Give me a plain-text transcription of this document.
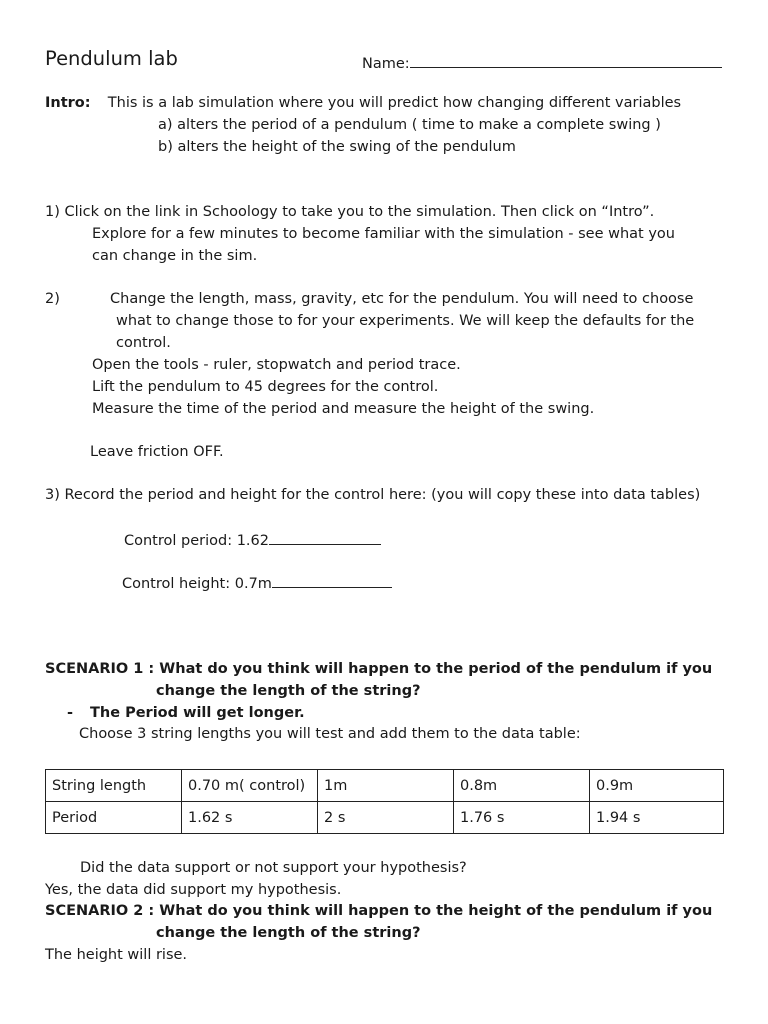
Pendulum lab	Name:
Intro: This is a lab simulation where you will predict how changing different variables
a) alters the period of a pendulum ( time to make a complete swing )
b) alters the height of the swing of the pendulum
1) Click on the link in Schoology to take you to the simulation. Then click on “Intro”.
Explore for a few minutes to become familiar with the simulation - see what you
can change in the sim.
2)	Change the length, mass, gravity, etc for the pendulum. You will need to choose
what to change those to for your experiments. We will keep the defaults for the
control.
Open the tools - ruler, stopwatch and period trace.
Lift the pendulum to 45 degrees for the control.
Measure the time of the period and measure the height of the swing.
Leave friction OFF.
3) Record the period and height for the control here: (you will copy these into data tables)
Control period: 1.62
Control height: 0.7m
SCENARIO 1 : What do you think will happen to the period of the pendulum if you
change the length of the string?
- The Period will get longer.
Choose 3 string lengths you will test and add them to the data table:
String length	0.70 m( control)	1m	0.8m	0.9m
Period	1.62 s	2 s	1.76 s	1.94 s
Did the data support or not support your hypothesis?
Yes, the data did support my hypothesis.
SCENARIO 2 : What do you think will happen to the height of the pendulum if you
change the length of the string?
The height will rise.
